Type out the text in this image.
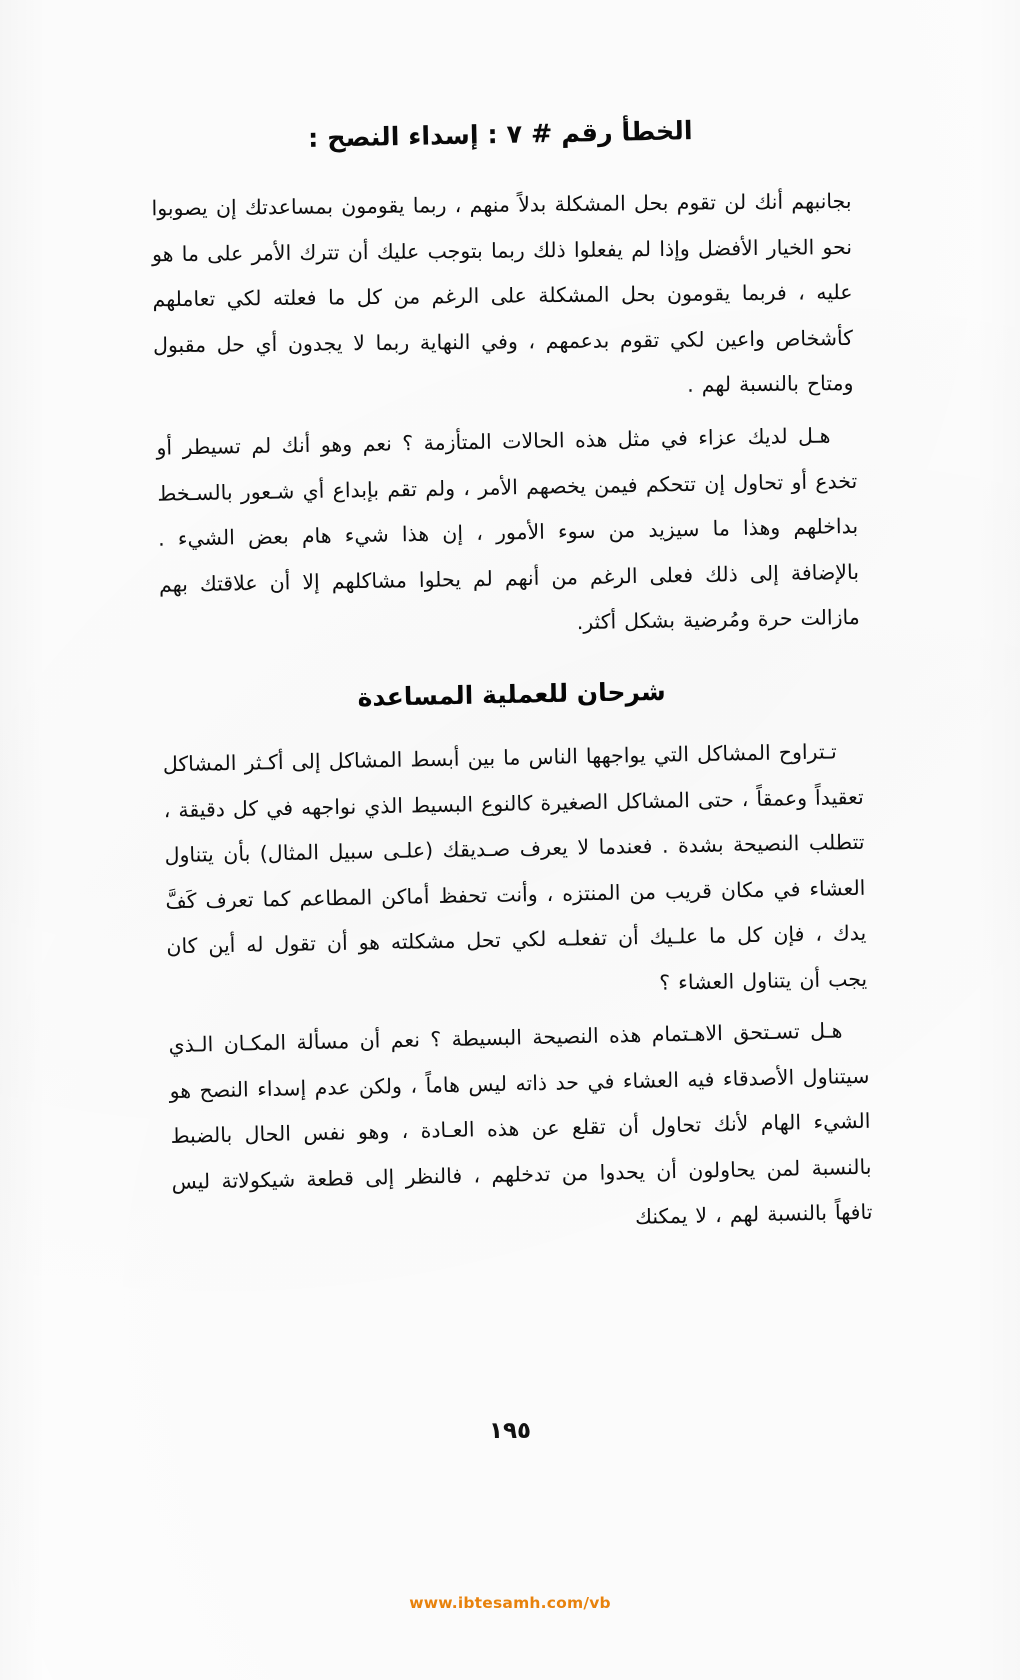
الخطأ رقم # ٧ : إسداء النصح :

بجانبهم أنك لن تقوم بحل المشكلة بدلاً منهم ، ربما يقومون بمساعدتك إن يصوبوا نحو الخيار الأفضل وإذا لم يفعلوا ذلك ربما بتوجب عليك أن تترك الأمر على ما هو عليه ، فربما يقومون بحل المشكلة على الرغم من كل ما فعلته لكي تعاملهم كأشخاص واعين لكي تقوم بدعمهم ، وفي النهاية ربما لا يجدون أي حل مقبول ومتاح بالنسبة لهم .

هـل لديك عزاء في مثل هذه الحالات المتأزمة ؟ نعم وهو أنك لم تسيطر أو تخدع أو تحاول إن تتحكم فيمن يخصهم الأمر ، ولم تقم بإبداع أي شـعور بالسـخط بداخلهم وهذا ما سيزيد من سوء الأمور ، إن هذا شيء هام بعض الشيء . بالإضافة إلى ذلك فعلى الرغم من أنهم لم يحلوا مشاكلهم إلا أن علاقتك بهم مازالت حرة ومُرضية بشكل أكثر.

شرحان للعملية المساعدة

تـتراوح المشاكل التي يواجهها الناس ما بين أبسط المشاكل إلى أكـثر المشاكل تعقيداً وعمقاً ، حتى المشاكل الصغيرة كالنوع البسيط الذي نواجهه في كل دقيقة ، تتطلب النصيحة بشدة . فعندما لا يعرف صـديقك (علـى سبيل المثال) بأن يتناول العشاء في مكان قريب من المنتزه ، وأنت تحفظ أماكن المطاعم كما تعرف كَفَّ يدك ، فإن كل ما علـيك أن تفعلـه لكي تحل مشكلته هو أن تقول له أين كان يجب أن يتناول العشاء ؟

هـل تسـتحق الاهـتمام هذه النصيحة البسيطة ؟ نعم أن مسألة المكـان الـذي سيتناول الأصدقاء فيه العشاء في حد ذاته ليس هاماً ، ولكن عدم إسداء النصح هو الشيء الهام لأنك تحاول أن تقلع عن هذه العـادة ، وهو نفس الحال بالضبط بالنسبة لمن يحاولون أن يحدوا من تدخلهم ، فالنظر إلى قطعة شيكولاتة ليس تافهاً بالنسبة لهم ، لا يمكنك

١٩٥
www.ibtesamh.com/vb
